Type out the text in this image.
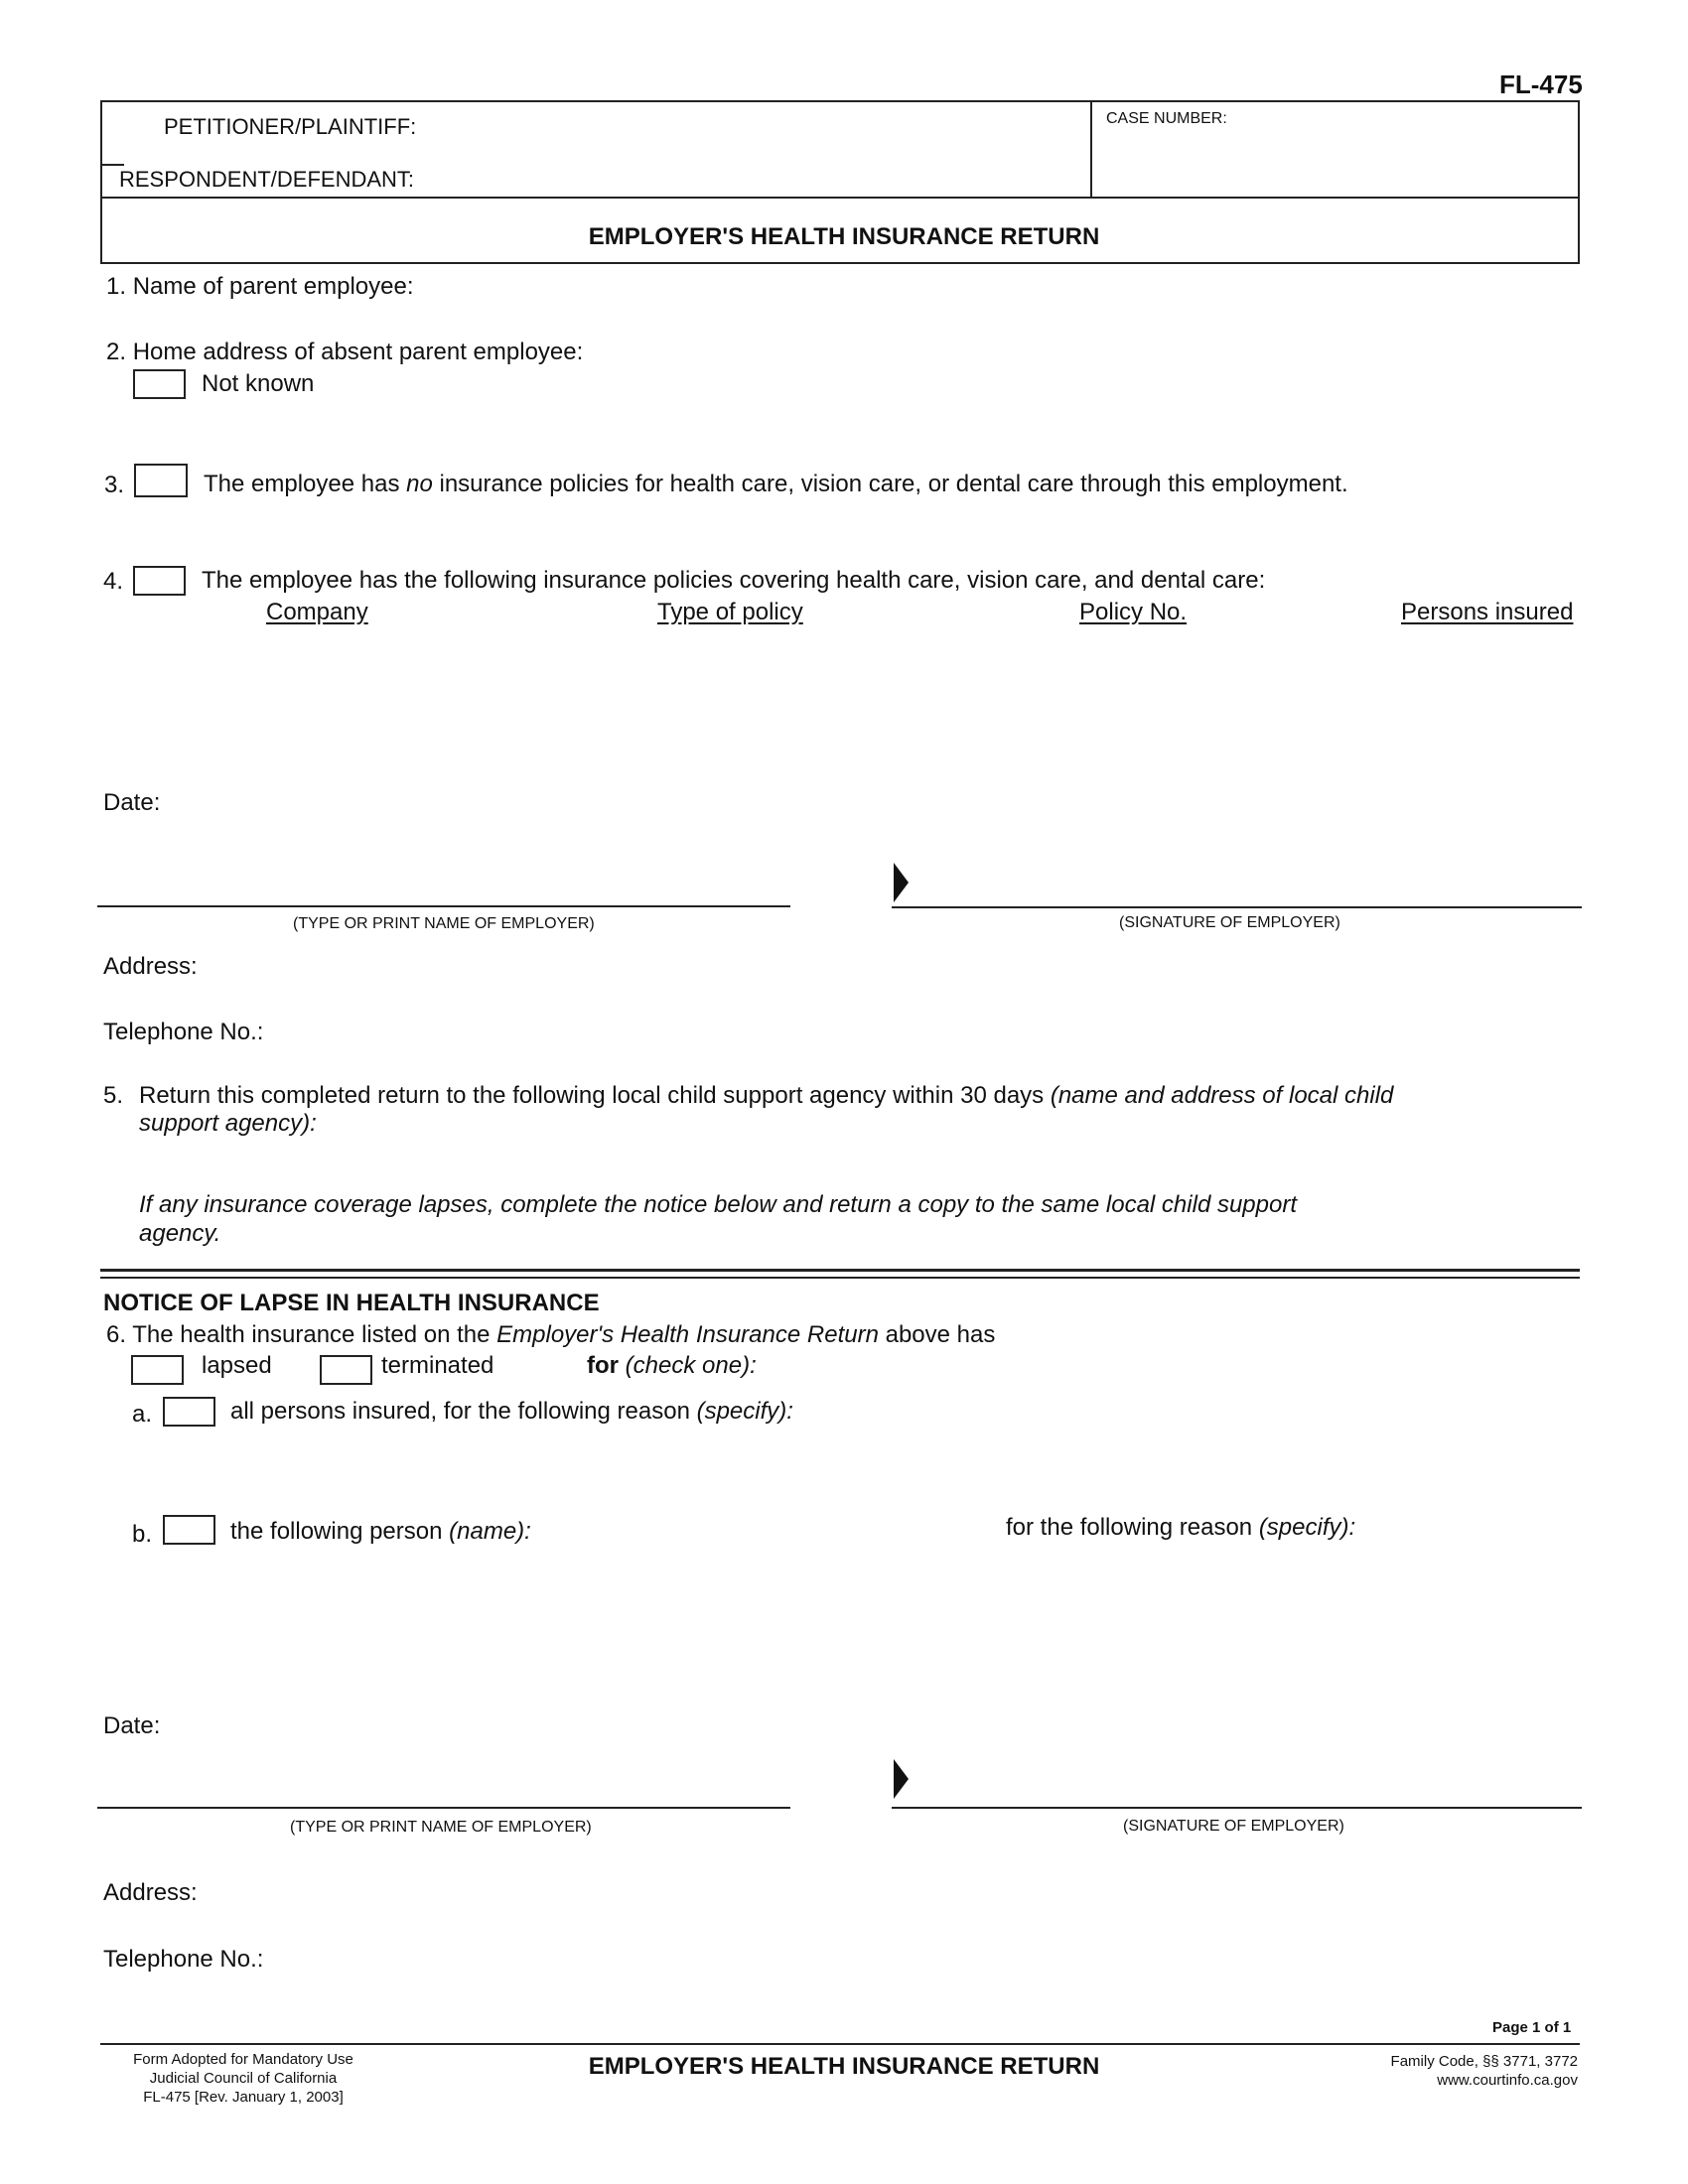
FL-475
PETITIONER/PLAINTIFF:
RESPONDENT/DEFENDANT:
CASE NUMBER:
EMPLOYER'S HEALTH INSURANCE RETURN
1. Name of parent employee:
2. Home address of absent parent employee:
Not known
3.	The employee has no insurance policies for health care, vision care, or dental care through this employment.
4.	The employee has the following insurance policies covering health care, vision care, and dental care:
Company	Type of policy	Policy No.	Persons insured
Date:
(TYPE OR PRINT NAME OF EMPLOYER)	(SIGNATURE OF EMPLOYER)
Address:
Telephone No.:
5. Return this completed return to the following local child support agency within 30 days (name and address of local child
support agency):
If any insurance coverage lapses, complete the notice below and return a copy to the same local child support
agency.
NOTICE OF LAPSE IN HEALTH INSURANCE
6. The health insurance listed on the Employer's Health Insurance Return above has
lapsed	terminated	for (check one):
a.	all persons insured, for the following reason (specify):
b.	the following person (name):	for the following reason (specify):
Date:
(TYPE OR PRINT NAME OF EMPLOYER)	(SIGNATURE OF EMPLOYER)
Address:
Telephone No.:
Page 1 of 1
Form Adopted for Mandatory Use
Judicial Council of California
FL-475 [Rev. January 1, 2003]
EMPLOYER'S HEALTH INSURANCE RETURN	Family Code, §§ 3771, 3772
www.courtinfo.ca.gov
